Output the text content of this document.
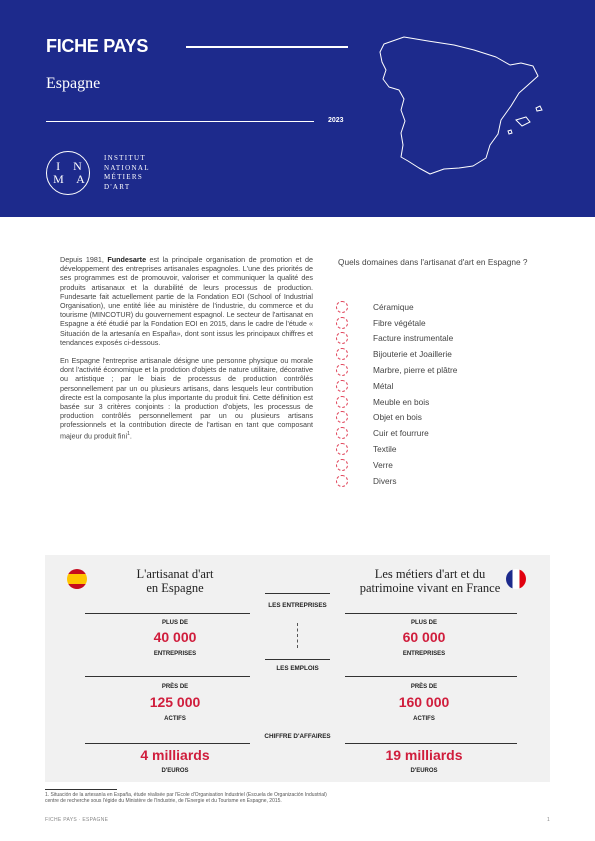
FICHE PAYS
Espagne
2023
I N M A
INSTITUT
NATIONAL
MÉTIERS
D'ART

Depuis 1981, Fundesarte est la principale organisation de promotion et de développement des entreprises artisanales espagnoles. L'une des priorités de ses programmes est de promouvoir, valoriser et communiquer la qualité des produits artisanaux et la durabilité de leurs processus de production. Fundesarte fait actuellement partie de la Fondation EOI (School of Industrial Organisation), une entité liée au ministère de l'industrie, du commerce et du tourisme (MINCOTUR) du gouvernement espagnol. Le secteur de l'artisanat en Espagne a été étudié par la Fondation EOI en 2015, dans le cadre de l'étude « Situación de la artesanía en España», dont sont issus les principaux chiffres et tendances exposés ci-dessous.

En Espagne l'entreprise artisanale désigne une personne physique ou morale dont l'activité économique et la prodction d'objets de nature utilitaire, décorative ou artistique ; par le biais de processus de production contrôlés personnellement par un ou plusieurs artisans, dans lesquels leur contribution directe est la composante la plus importante du produit fini. Cette définition est basée sur 3 critères conjoints : la production d'objets, les processus de production contrôlés personnellement par un ou plusieurs artisans professionnels et la contribution directe de l'artisan en tant que composant majeur du produit fini$^1$.

Quels domaines dans l'artisanat d'art en Espagne ?
Céramique
Fibre végétale
Facture instrumentale
Bijouterie et Joaillerie
Marbre, pierre et plâtre
Métal
Meuble en bois
Objet en bois
Cuir et fourrure
Textile
Verre
Divers
L'artisanat d'art
en Espagne
Les métiers d'art et du
patrimoine vivant en France
LES ENTREPRISES
PLUS DE
40 000
ENTREPRISES
PLUS DE
60 000
ENTREPRISES
LES EMPLOIS
PRÈS DE
125 000
ACTIFS
PRÈS DE
160 000
ACTIFS
CHIFFRE D'AFFAIRES
4 milliards
D'EUROS
19 milliards
D'EUROS
1. Situación de la artesanía en España, étude réalisée par l'Ecole d'Organisation Industriel (Escuela de Organización Industrial) centre de recherche sous l'égide du Ministère de l'Industrie, de l'Energie et du Tourisme en Espagne, 2015.
FICHE PAYS · ESPAGNE	1
